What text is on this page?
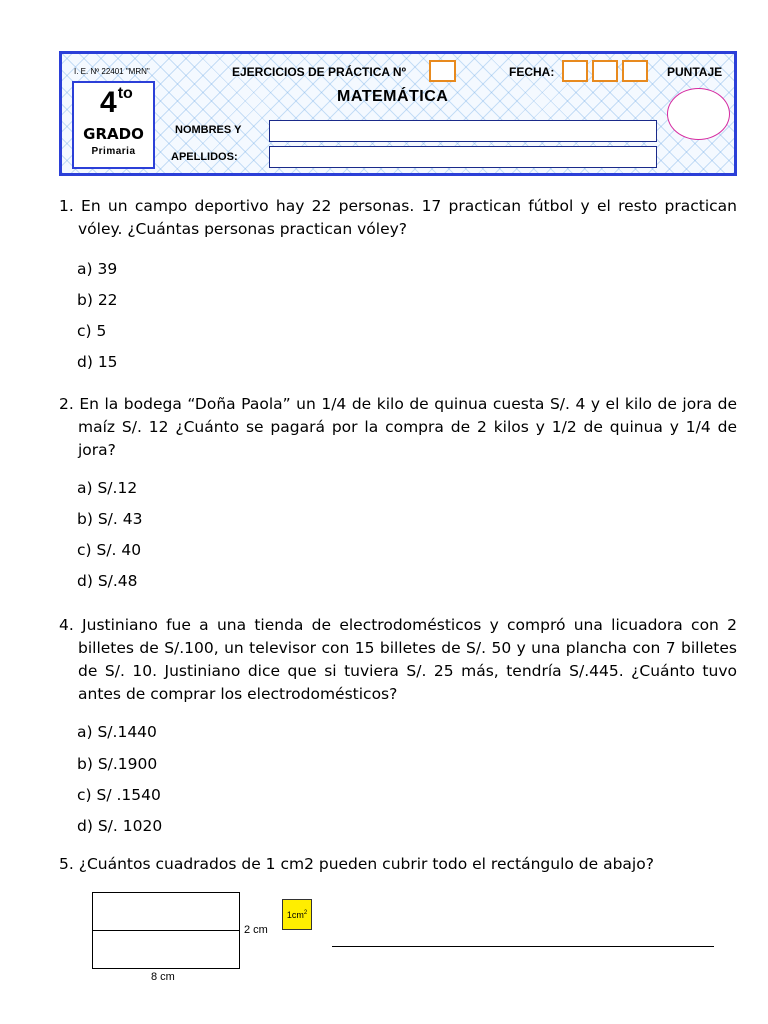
I. E. Nº 22401 "MRN"	EJERCICIOS DE PRÁCTICA Nº	FECHA:	PUNTAJE
MATEMÁTICA
$4^{to}$
GRADO
Primaria
NOMBRES Y
APELLIDOS:
1. En un campo deportivo hay 22 personas. 17 practican fútbol y el resto practican vóley. ¿Cuántas personas practican vóley?
a) 39
b) 22
c) 5
d) 15
2. En la bodega “Doña Paola” un 1/4 de kilo de quinua cuesta S/. 4 y el kilo de jora de maíz S/. 12 ¿Cuánto se pagará por la compra de 2 kilos y 1/2 de quinua y 1/4 de jora?
a) S/.12
b) S/. 43
c) S/. 40
d) S/.48
4. Justiniano fue a una tienda de electrodomésticos y compró una licuadora con 2 billetes de S/.100, un televisor con 15 billetes de S/. 50 y una plancha con 7 billetes de S/. 10. Justiniano dice que si tuviera S/. 25 más, tendría S/.445. ¿Cuánto tuvo antes de comprar los electrodomésticos?
a) S/.1440
b) S/.1900
c) S/ .1540
d) S/. 1020
5. ¿Cuántos cuadrados de 1 cm2 pueden cubrir todo el rectángulo de abajo?
2 cm
8 cm
$1cm^2$
